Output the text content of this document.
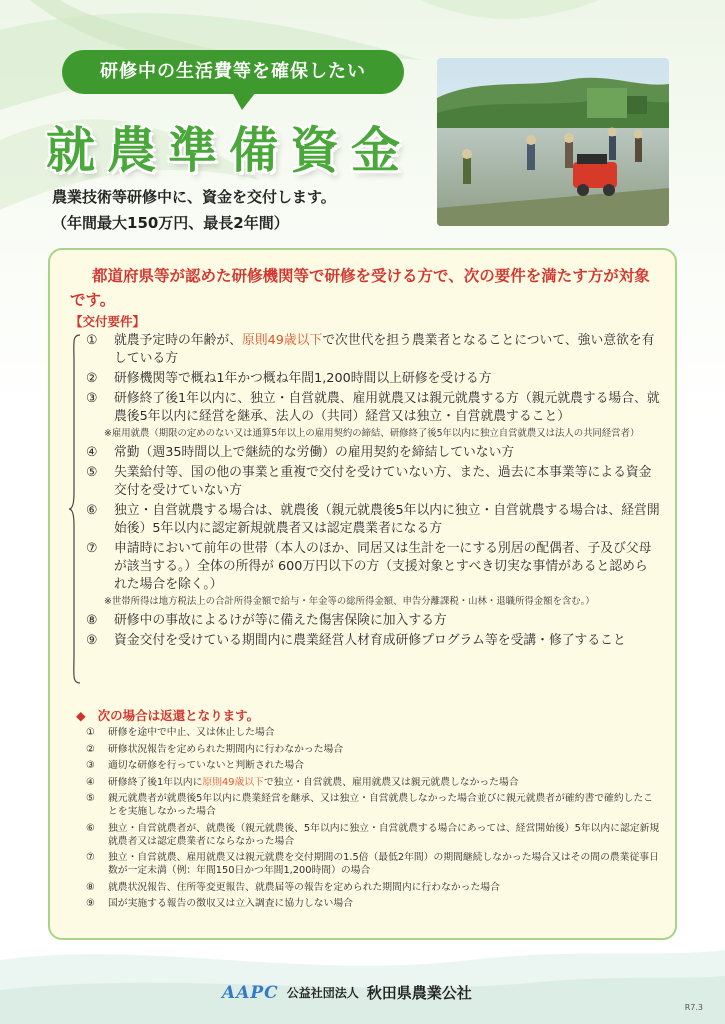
研修中の生活費等を確保したい
就農準備資金
農業技術等研修中に、資金を交付します。
（年間最大150万円、最長2年間）
都道府県等が認めた研修機関等で研修を受ける方で、次の要件を満たす方が対象です。
【交付要件】
①	就農予定時の年齢が、原則49歳以下で次世代を担う農業者となることについて、強い意欲を有している方
②	研修機関等で概ね1年かつ概ね年間1,200時間以上研修を受ける方
③	研修終了後1年以内に、独立・自営就農、雇用就農又は親元就農する方（親元就農する場合、就農後5年以内に経営を継承、法人の（共同）経営又は独立・自営就農すること）
※雇用就農（期限の定めのない又は通算5年以上の雇用契約の締結、研修終了後5年以内に独立自営就農又は法人の共同経営者）
④	常勤（週35時間以上で継続的な労働）の雇用契約を締結していない方
⑤	失業給付等、国の他の事業と重複で交付を受けていない方、また、過去に本事業等による資金交付を受けていない方
⑥	独立・自営就農する場合は、就農後（親元就農後5年以内に独立・自営就農する場合は、経営開始後）5年以内に認定新規就農者又は認定農業者になる方
⑦	申請時において前年の世帯（本人のほか、同居又は生計を一にする別居の配偶者、子及び父母が該当する。）全体の所得が 600万円以下の方（支援対象とすべき切実な事情があると認められた場合を除く。）
※世帯所得は地方税法上の合計所得金額で給与・年金等の総所得金額、申告分離課税・山林・退職所得金額を含む。）
⑧	研修中の事故によるけが等に備えた傷害保険に加入する方
⑨	資金交付を受けている期間内に農業経営人材育成研修プログラム等を受講・修了すること
◆ 次の場合は返還となります。
①	研修を途中で中止、又は休止した場合
②	研修状況報告を定められた期間内に行わなかった場合
③	適切な研修を行っていないと判断された場合
④	研修終了後1年以内に原則49歳以下で独立・自営就農、雇用就農又は親元就農しなかった場合
⑤	親元就農者が就農後5年以内に農業経営を継承、又は独立・自営就農しなかった場合並びに親元就農者が確約書で確約したことを実施しなかった場合
⑥	独立・自営就農者が、就農後（親元就農後、5年以内に独立・自営就農する場合にあっては、経営開始後）5年以内に認定新規就農者又は認定農業者にならなかった場合
⑦	独立・自営就農、雇用就農又は親元就農を交付期間の1.5倍（最低2年間）の期間継続しなかった場合又はその間の農業従事日数が一定未満（例：年間150日かつ年間1,200時間）の場合
⑧	就農状況報告、住所等変更報告、就農届等の報告を定められた期間内に行わなかった場合
⑨	国が実施する報告の徴収又は立入調査に協力しない場合
AAPC 公益社団法人 秋田県農業公社
R7.3
